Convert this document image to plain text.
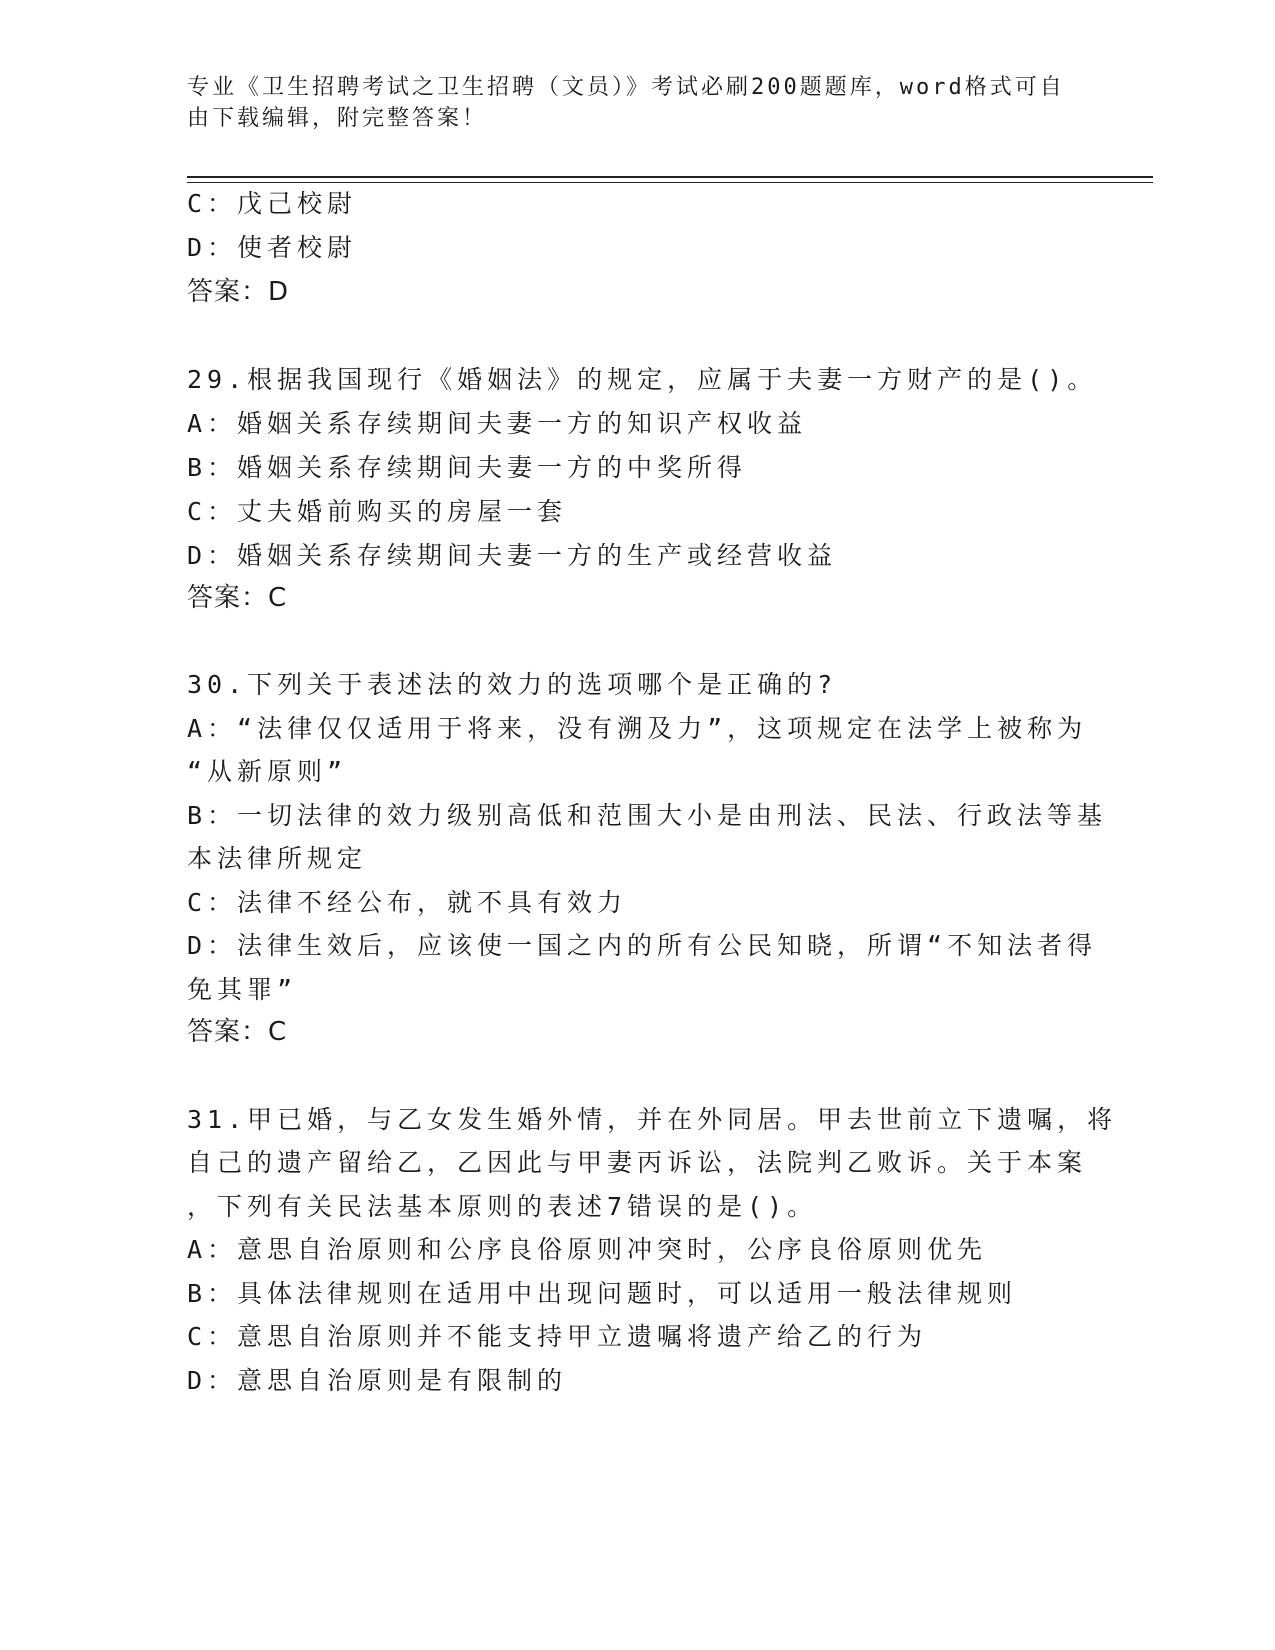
专业《卫生招聘考试之卫生招聘（文员）》考试必刷200题题库，word格式可自
由下载编辑，附完整答案！
C：戊己校尉
D：使者校尉
答案：D
29.根据我国现行《婚姻法》的规定，应属于夫妻一方财产的是()。
A：婚姻关系存续期间夫妻一方的知识产权收益
B：婚姻关系存续期间夫妻一方的中奖所得
C：丈夫婚前购买的房屋一套
D：婚姻关系存续期间夫妻一方的生产或经营收益
答案：C
30.下列关于表述法的效力的选项哪个是正确的?
A：“法律仅仅适用于将来，没有溯及力”，这项规定在法学上被称为
“从新原则”
B：一切法律的效力级别高低和范围大小是由刑法、民法、行政法等基
本法律所规定
C：法律不经公布，就不具有效力
D：法律生效后，应该使一国之内的所有公民知晓，所谓“不知法者得
免其罪”
答案：C
31.甲已婚，与乙女发生婚外情，并在外同居。甲去世前立下遗嘱，将
自己的遗产留给乙，乙因此与甲妻丙诉讼，法院判乙败诉。关于本案
，下列有关民法基本原则的表述7错误的是()。
A：意思自治原则和公序良俗原则冲突时，公序良俗原则优先
B：具体法律规则在适用中出现问题时，可以适用一般法律规则
C：意思自治原则并不能支持甲立遗嘱将遗产给乙的行为
D：意思自治原则是有限制的
